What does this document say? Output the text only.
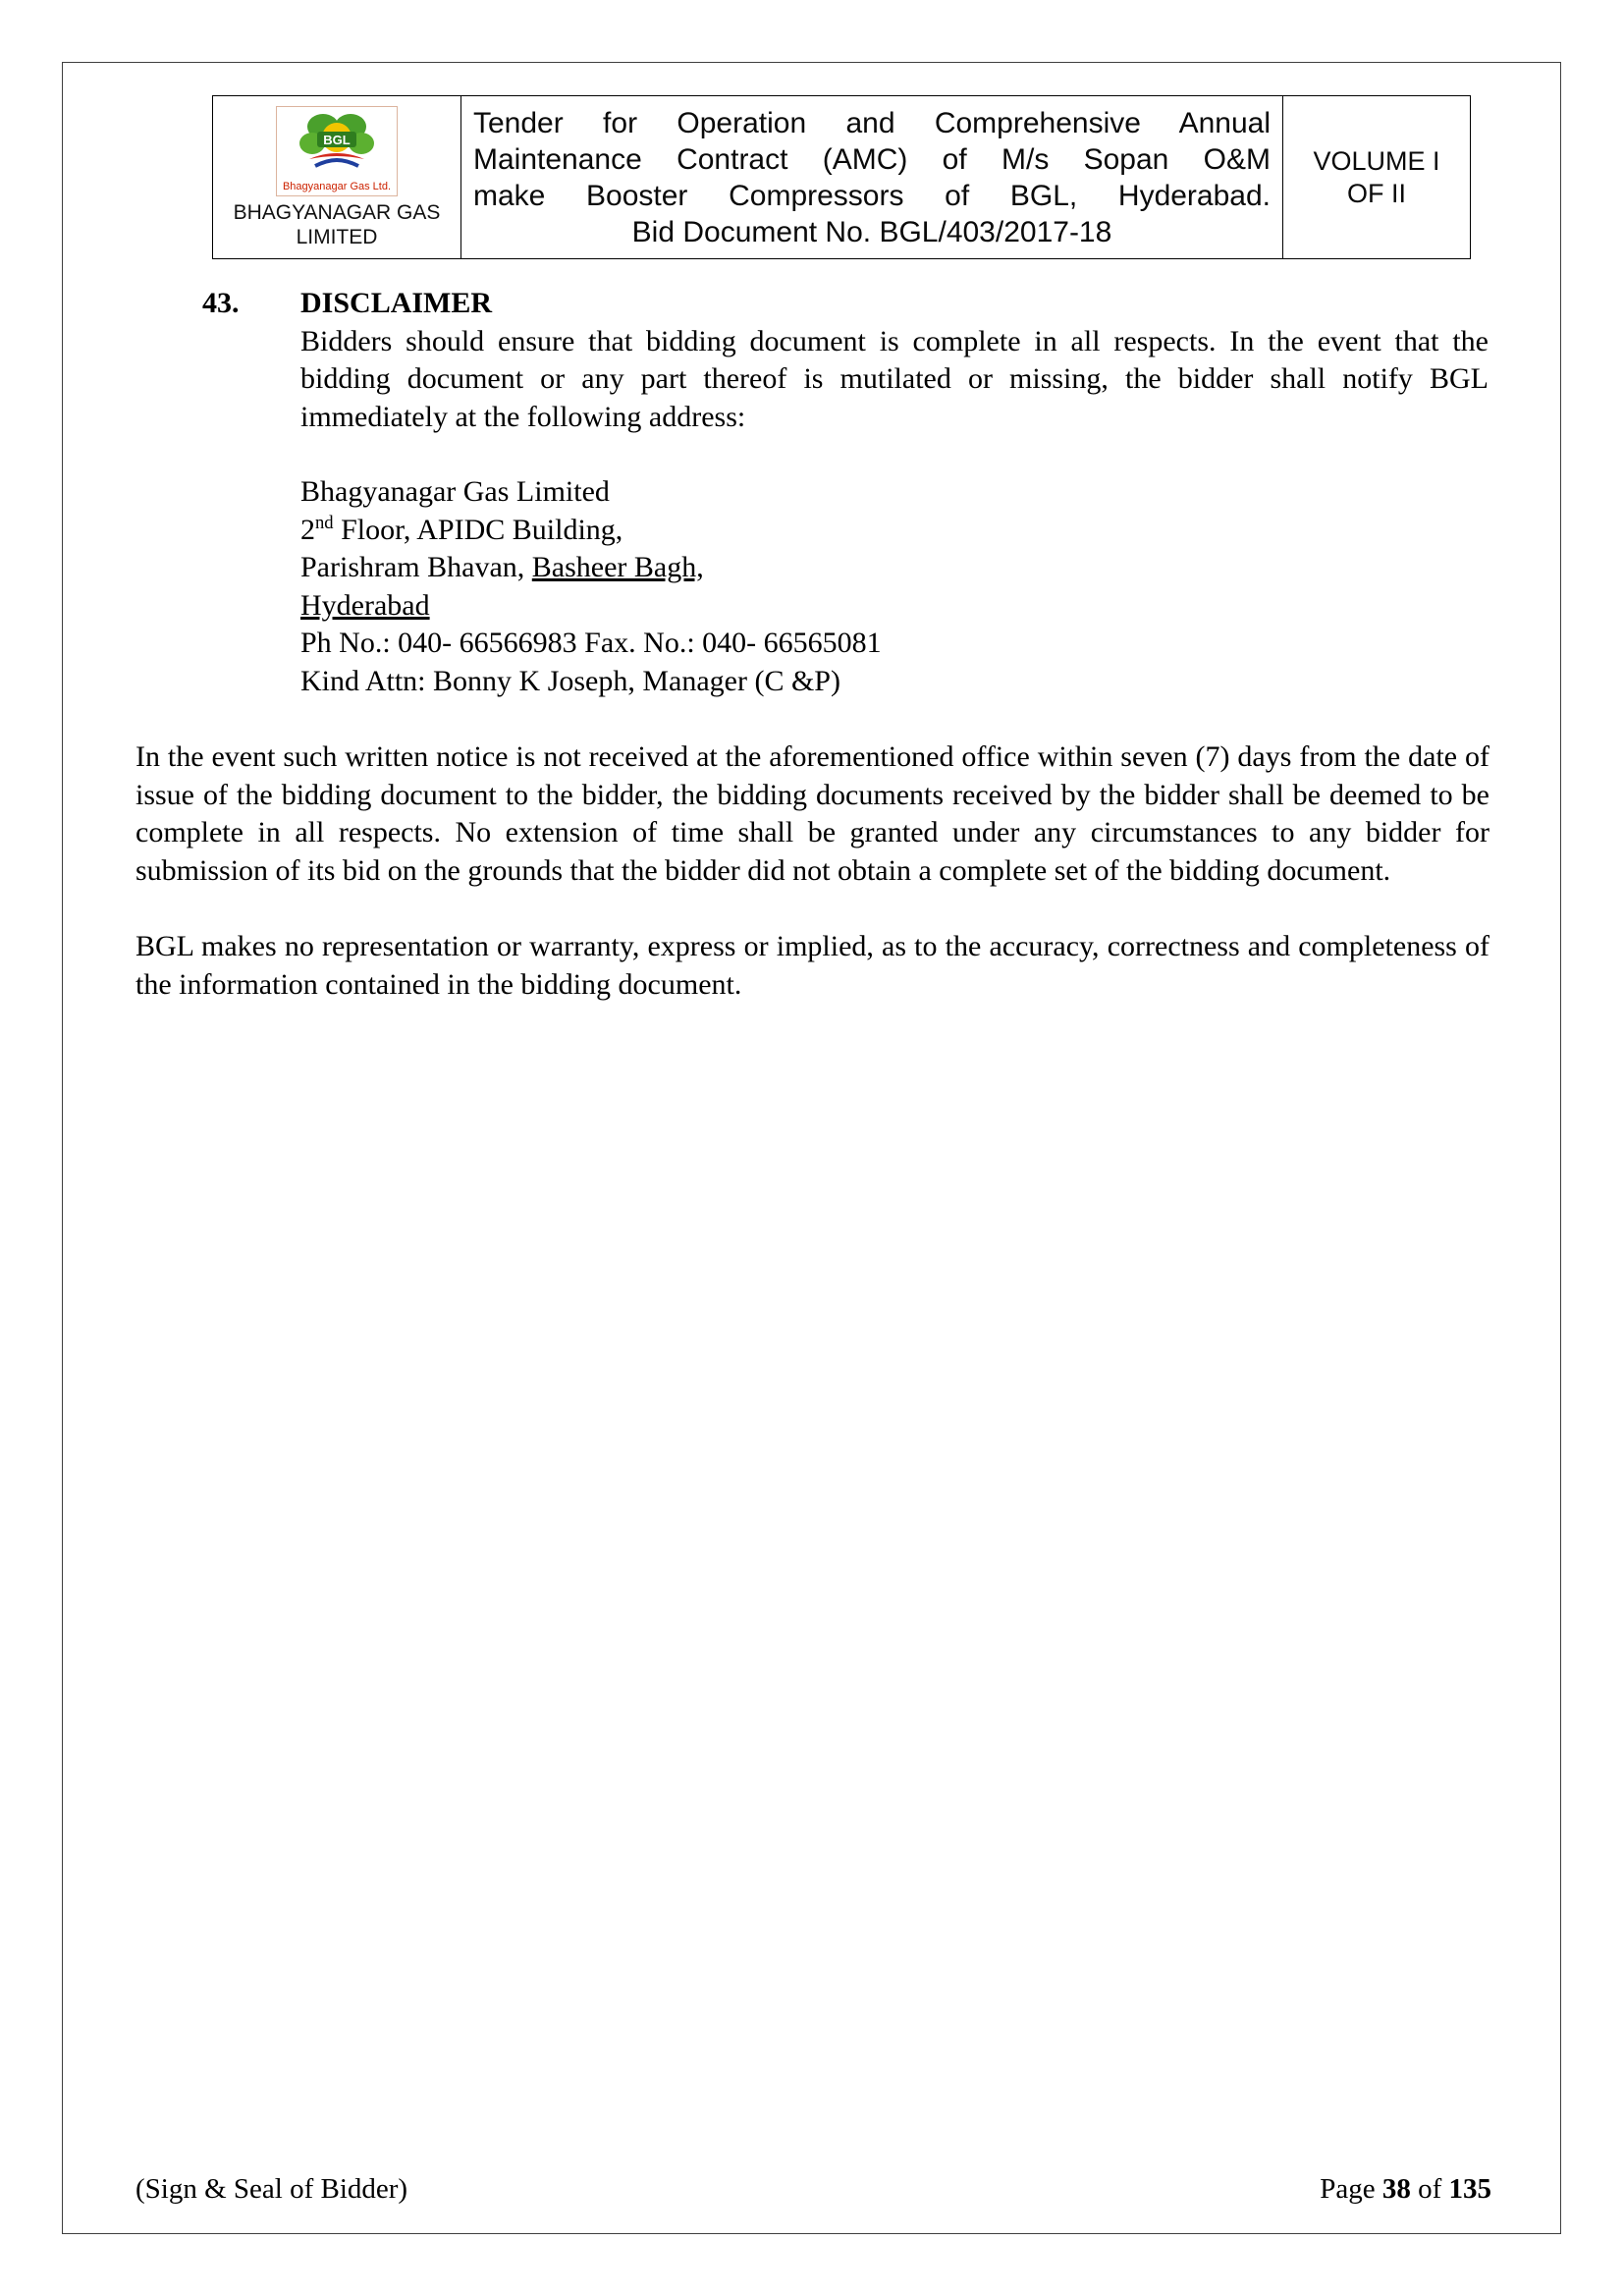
BGL
Bhagyanagar Gas Ltd.
BHAGYANAGAR GAS
LIMITED
Tender for Operation and Comprehensive Annual
Maintenance Contract (AMC) of M/s Sopan O&M
make Booster Compressors of BGL, Hyderabad.
Bid Document No. BGL/403/2017-18
VOLUME I
OF II
43.	DISCLAIMER
Bidders should ensure that bidding document is complete in all respects. In the event that the bidding document or any part thereof is mutilated or missing, the bidder shall notify BGL immediately at the following address:
Bhagyanagar Gas Limited
2nd Floor, APIDC Building,
Parishram Bhavan, Basheer Bagh,
Hyderabad
Ph No.: 040- 66566983 Fax. No.: 040- 66565081
Kind Attn: Bonny K Joseph, Manager (C &P)
In the event such written notice is not received at the aforementioned office within seven (7) days from the date of issue of the bidding document to the bidder, the bidding documents received by the bidder shall be deemed to be complete in all respects. No extension of time shall be granted under any circumstances to any bidder for submission of its bid on the grounds that the bidder did not obtain a complete set of the bidding document.
BGL makes no representation or warranty, express or implied, as to the accuracy, correctness and completeness of the information contained in the bidding document.
(Sign & Seal of Bidder)	Page 38 of 135
